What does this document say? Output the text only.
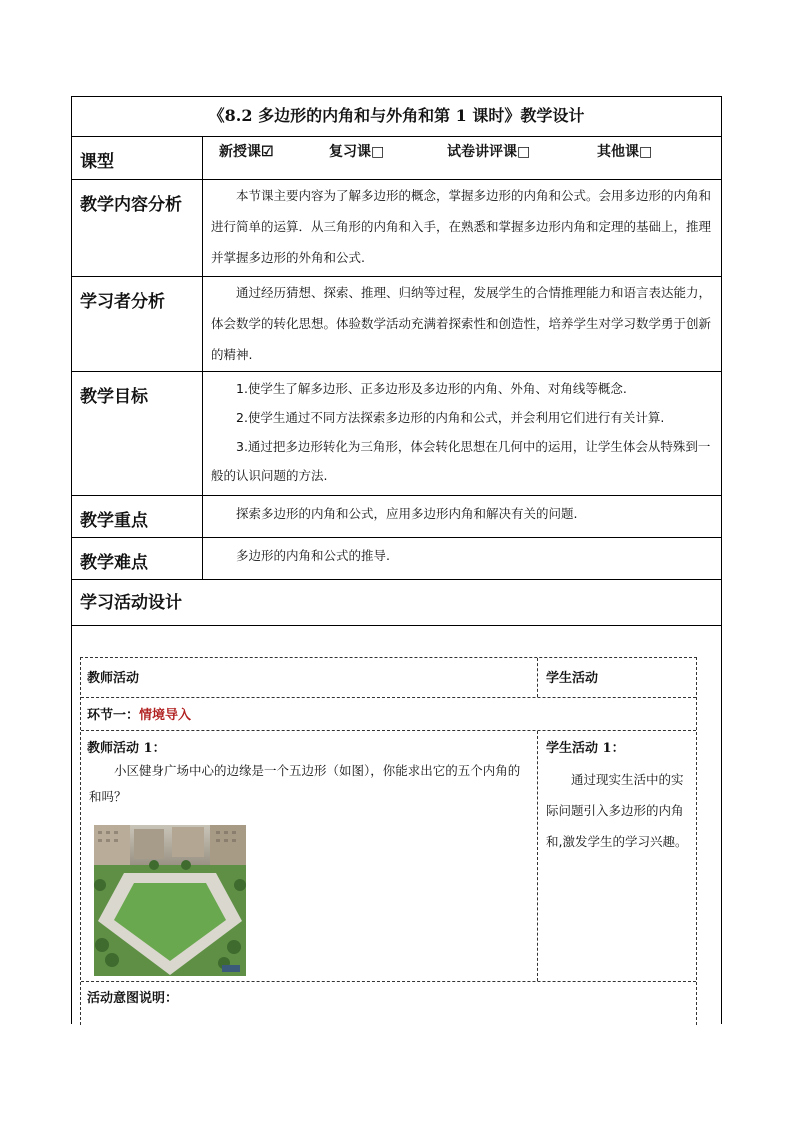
《8.2 多边形的内角和与外角和第 1 课时》教学设计
课型	新授课☑	复习课□	试卷讲评课□	其他课□
教学内容分析	本节课主要内容为了解多边形的概念，掌握多边形的内角和公式。会用多边形的内角和进行简单的运算．从三角形的内角和入手，在熟悉和掌握多边形内角和定理的基础上，推理并掌握多边形的外角和公式.

学习者分析	通过经历猜想、探索、推理、归纳等过程，发展学生的合情推理能力和语言表达能力，体会数学的转化思想。体验数学活动充满着探索性和创造性，培养学生对学习数学勇于创新的精神.

教学目标	1.使学生了解多边形、正多边形及多边形的内角、外角、对角线等概念.

2.使学生通过不同方法探索多边形的内角和公式，并会利用它们进行有关计算.

3.通过把多边形转化为三角形，体会转化思想在几何中的运用，让学生体会从特殊到一般的认识问题的方法.

教学重点	探索多边形的内角和公式，应用多边形内角和解决有关的问题.

教学难点	多边形的内角和公式的推导.

学习活动设计
教师活动	学生活动
环节一：情境导入
教师活动 1：

小区健身广场中心的边缘是一个五边形（如图），你能求出它的五个内角的和吗？

学生活动 1：

通过现实生活中的实际问题引入多边形的内角和,激发学生的学习兴趣。

活动意图说明：
